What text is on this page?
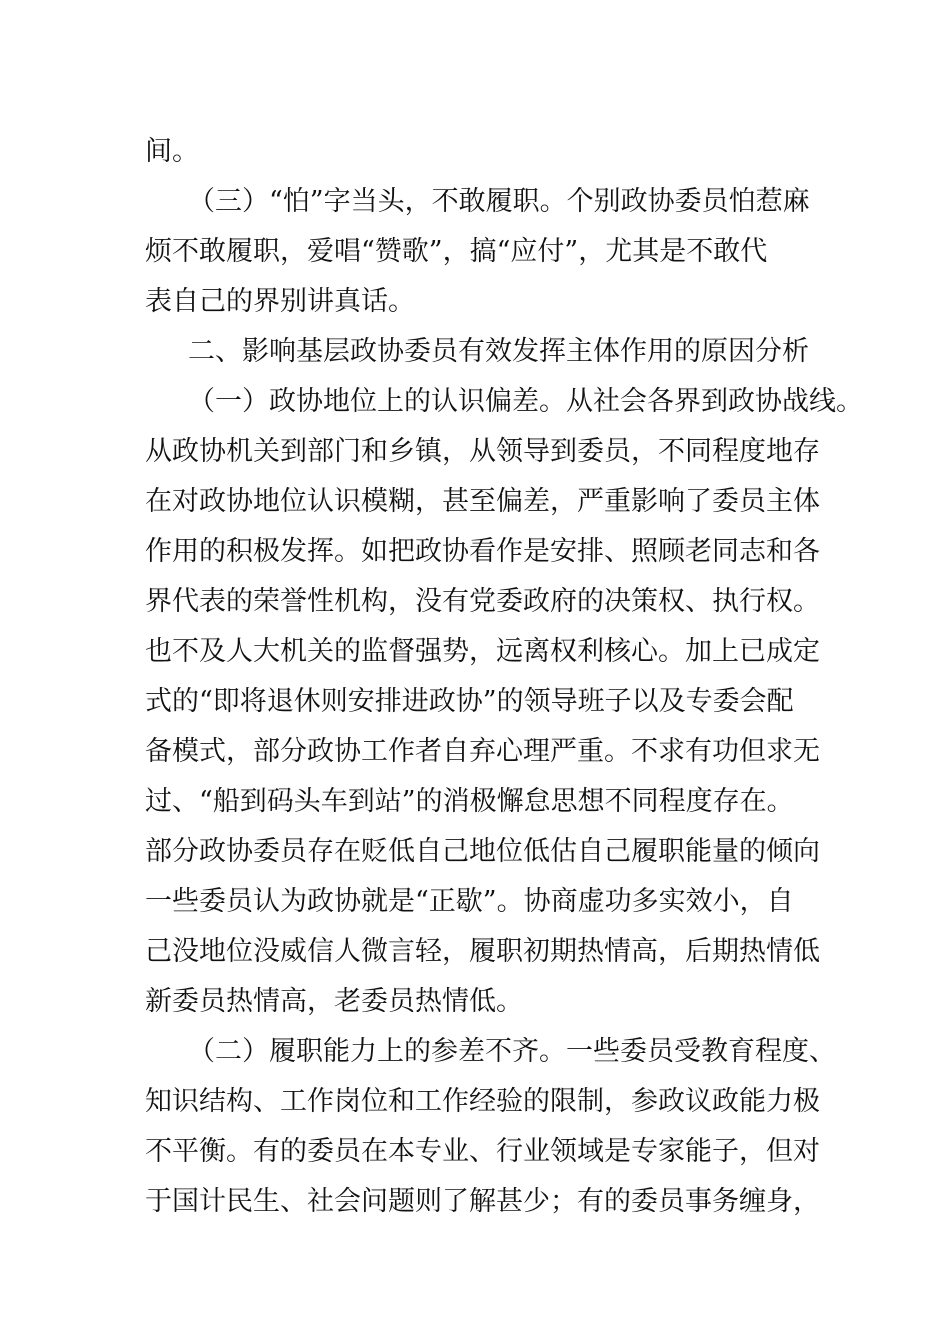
间。

（三）“怕”字当头，不敢履职。个别政协委员怕惹麻

烦不敢履职，爱唱“赞歌”，搞“应付”，尤其是不敢代

表自己的界别讲真话。

二、影响基层政协委员有效发挥主体作用的原因分析

（一）政协地位上的认识偏差。从社会各界到政协战线。

从政协机关到部门和乡镇，从领导到委员，不同程度地存

在对政协地位认识模糊，甚至偏差，严重影响了委员主体

作用的积极发挥。如把政协看作是安排、照顾老同志和各

界代表的荣誉性机构，没有党委政府的决策权、执行权。

也不及人大机关的监督强势，远离权利核心。加上已成定

式的“即将退休则安排进政协”的领导班子以及专委会配

备模式，部分政协工作者自弃心理严重。不求有功但求无

过、“船到码头车到站”的消极懈怠思想不同程度存在。

部分政协委员存在贬低自己地位低估自己履职能量的倾向

一些委员认为政协就是“正歇”。协商虚功多实效小，自

己没地位没威信人微言轻，履职初期热情高，后期热情低

新委员热情高，老委员热情低。

（二）履职能力上的参差不齐。一些委员受教育程度、

知识结构、工作岗位和工作经验的限制，参政议政能力极

不平衡。有的委员在本专业、行业领域是专家能子，但对

于国计民生、社会问题则了解甚少；有的委员事务缠身，
